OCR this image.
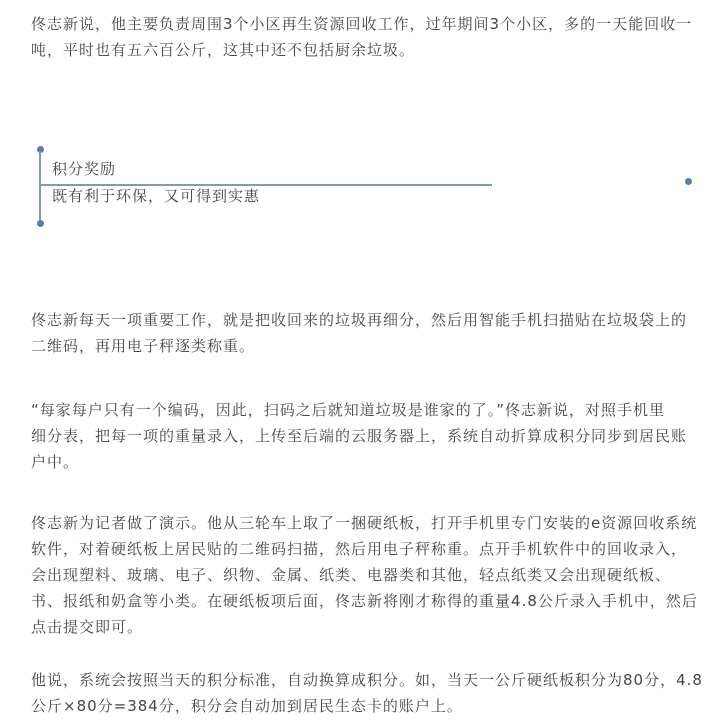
佟志新说，他主要负责周围3个小区再生资源回收工作，过年期间3个小区，多的一天能回收一
吨，平时也有五六百公斤，这其中还不包括厨余垃圾。
积分奖励
既有利于环保，又可得到实惠
佟志新每天一项重要工作，就是把收回来的垃圾再细分，然后用智能手机扫描贴在垃圾袋上的
二维码，再用电子秤逐类称重。
“每家每户只有一个编码，因此，扫码之后就知道垃圾是谁家的了。”佟志新说，对照手机里
细分表，把每一项的重量录入，上传至后端的云服务器上，系统自动折算成积分同步到居民账
户中。
佟志新为记者做了演示。他从三轮车上取了一捆硬纸板，打开手机里专门安装的e资源回收系统
软件，对着硬纸板上居民贴的二维码扫描，然后用电子秤称重。点开手机软件中的回收录入，
会出现塑料、玻璃、电子、织物、金属、纸类、电器类和其他，轻点纸类又会出现硬纸板、
书、报纸和奶盒等小类。在硬纸板项后面，佟志新将刚才称得的重量4.8公斤录入手机中，然后
点击提交即可。
他说，系统会按照当天的积分标准，自动换算成积分。如，当天一公斤硬纸板积分为80分，4.8
公斤×80分=384分，积分会自动加到居民生态卡的账户上。
